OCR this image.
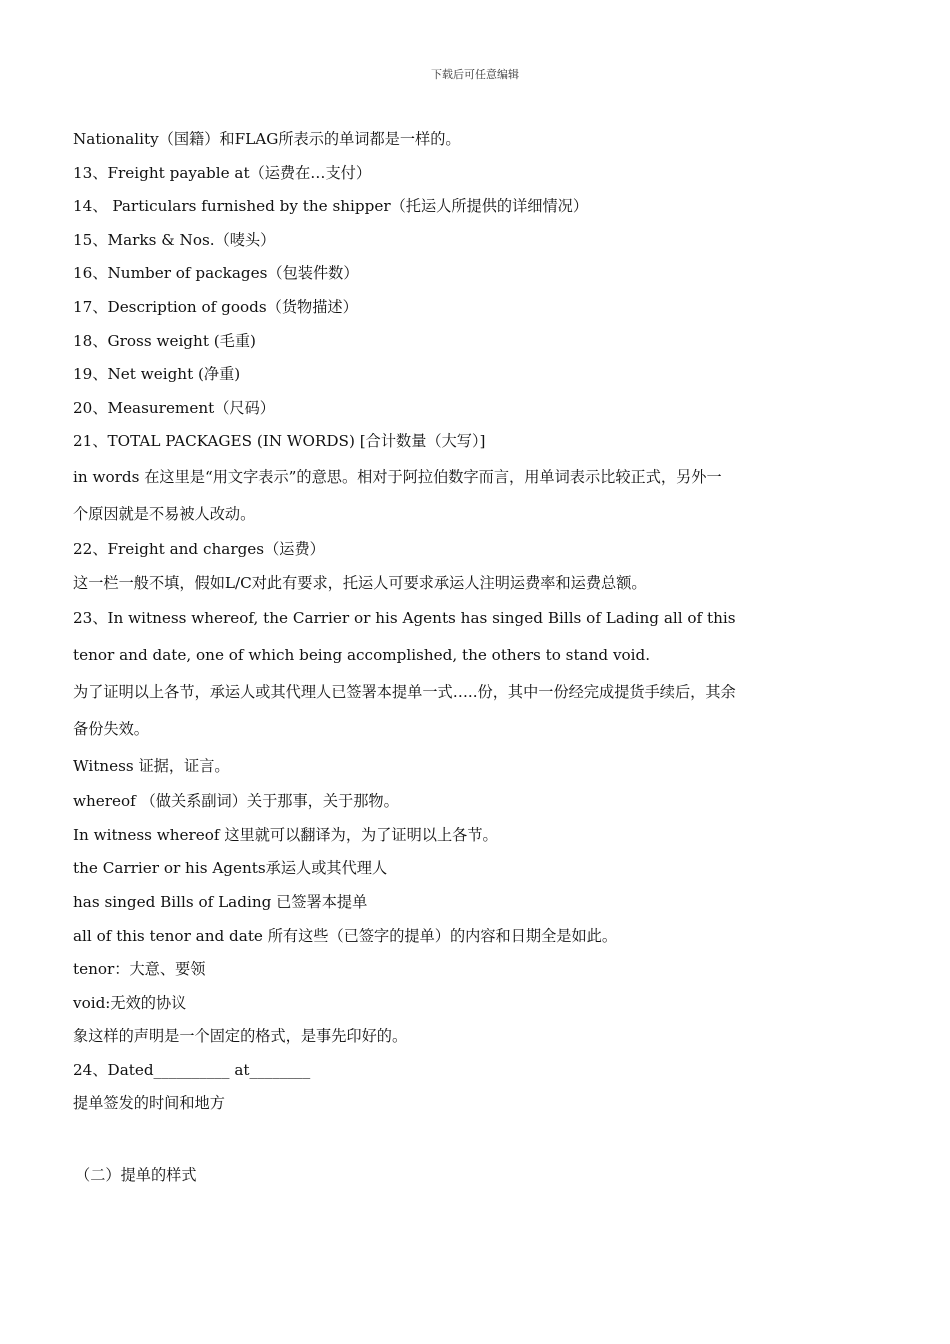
下载后可任意编辑
Nationality（国籍）和FLAG所表示的单词都是一样的。
13、Freight payable at（运费在…支付）
14、 Particulars furnished by the shipper（托运人所提供的详细情况）
15、Marks & Nos.（唛头）
16、Number of packages（包装件数）
17、Description of goods（货物描述）
18、Gross weight (毛重)
19、Net weight (净重)
20、Measurement（尺码）
21、TOTAL PACKAGES (IN WORDS) [合计数量（大写）]
in words 在这里是“用文字表示”的意思。相对于阿拉伯数字而言，用单词表示比较正式，另外一
个原因就是不易被人改动。
22、Freight and charges（运费）
这一栏一般不填，假如L/C对此有要求，托运人可要求承运人注明运费率和运费总额。
23、In witness whereof, the Carrier or his Agents has singed Bills of Lading all of this
tenor and date, one of which being accomplished, the others to stand void.
为了证明以上各节，承运人或其代理人已签署本提单一式…..份，其中一份经完成提货手续后，其余
备份失效。
Witness 证据，证言。
whereof （做关系副词）关于那事，关于那物。
In witness whereof 这里就可以翻译为，为了证明以上各节。
the Carrier or his Agents承运人或其代理人
has singed Bills of Lading 已签署本提单
all of this tenor and date 所有这些（已签字的提单）的内容和日期全是如此。
tenor：大意、要领
void:无效的协议
象这样的声明是一个固定的格式，是事先印好的。
24、Dated__________ at________
提单签发的时间和地方
（二）提单的样式
